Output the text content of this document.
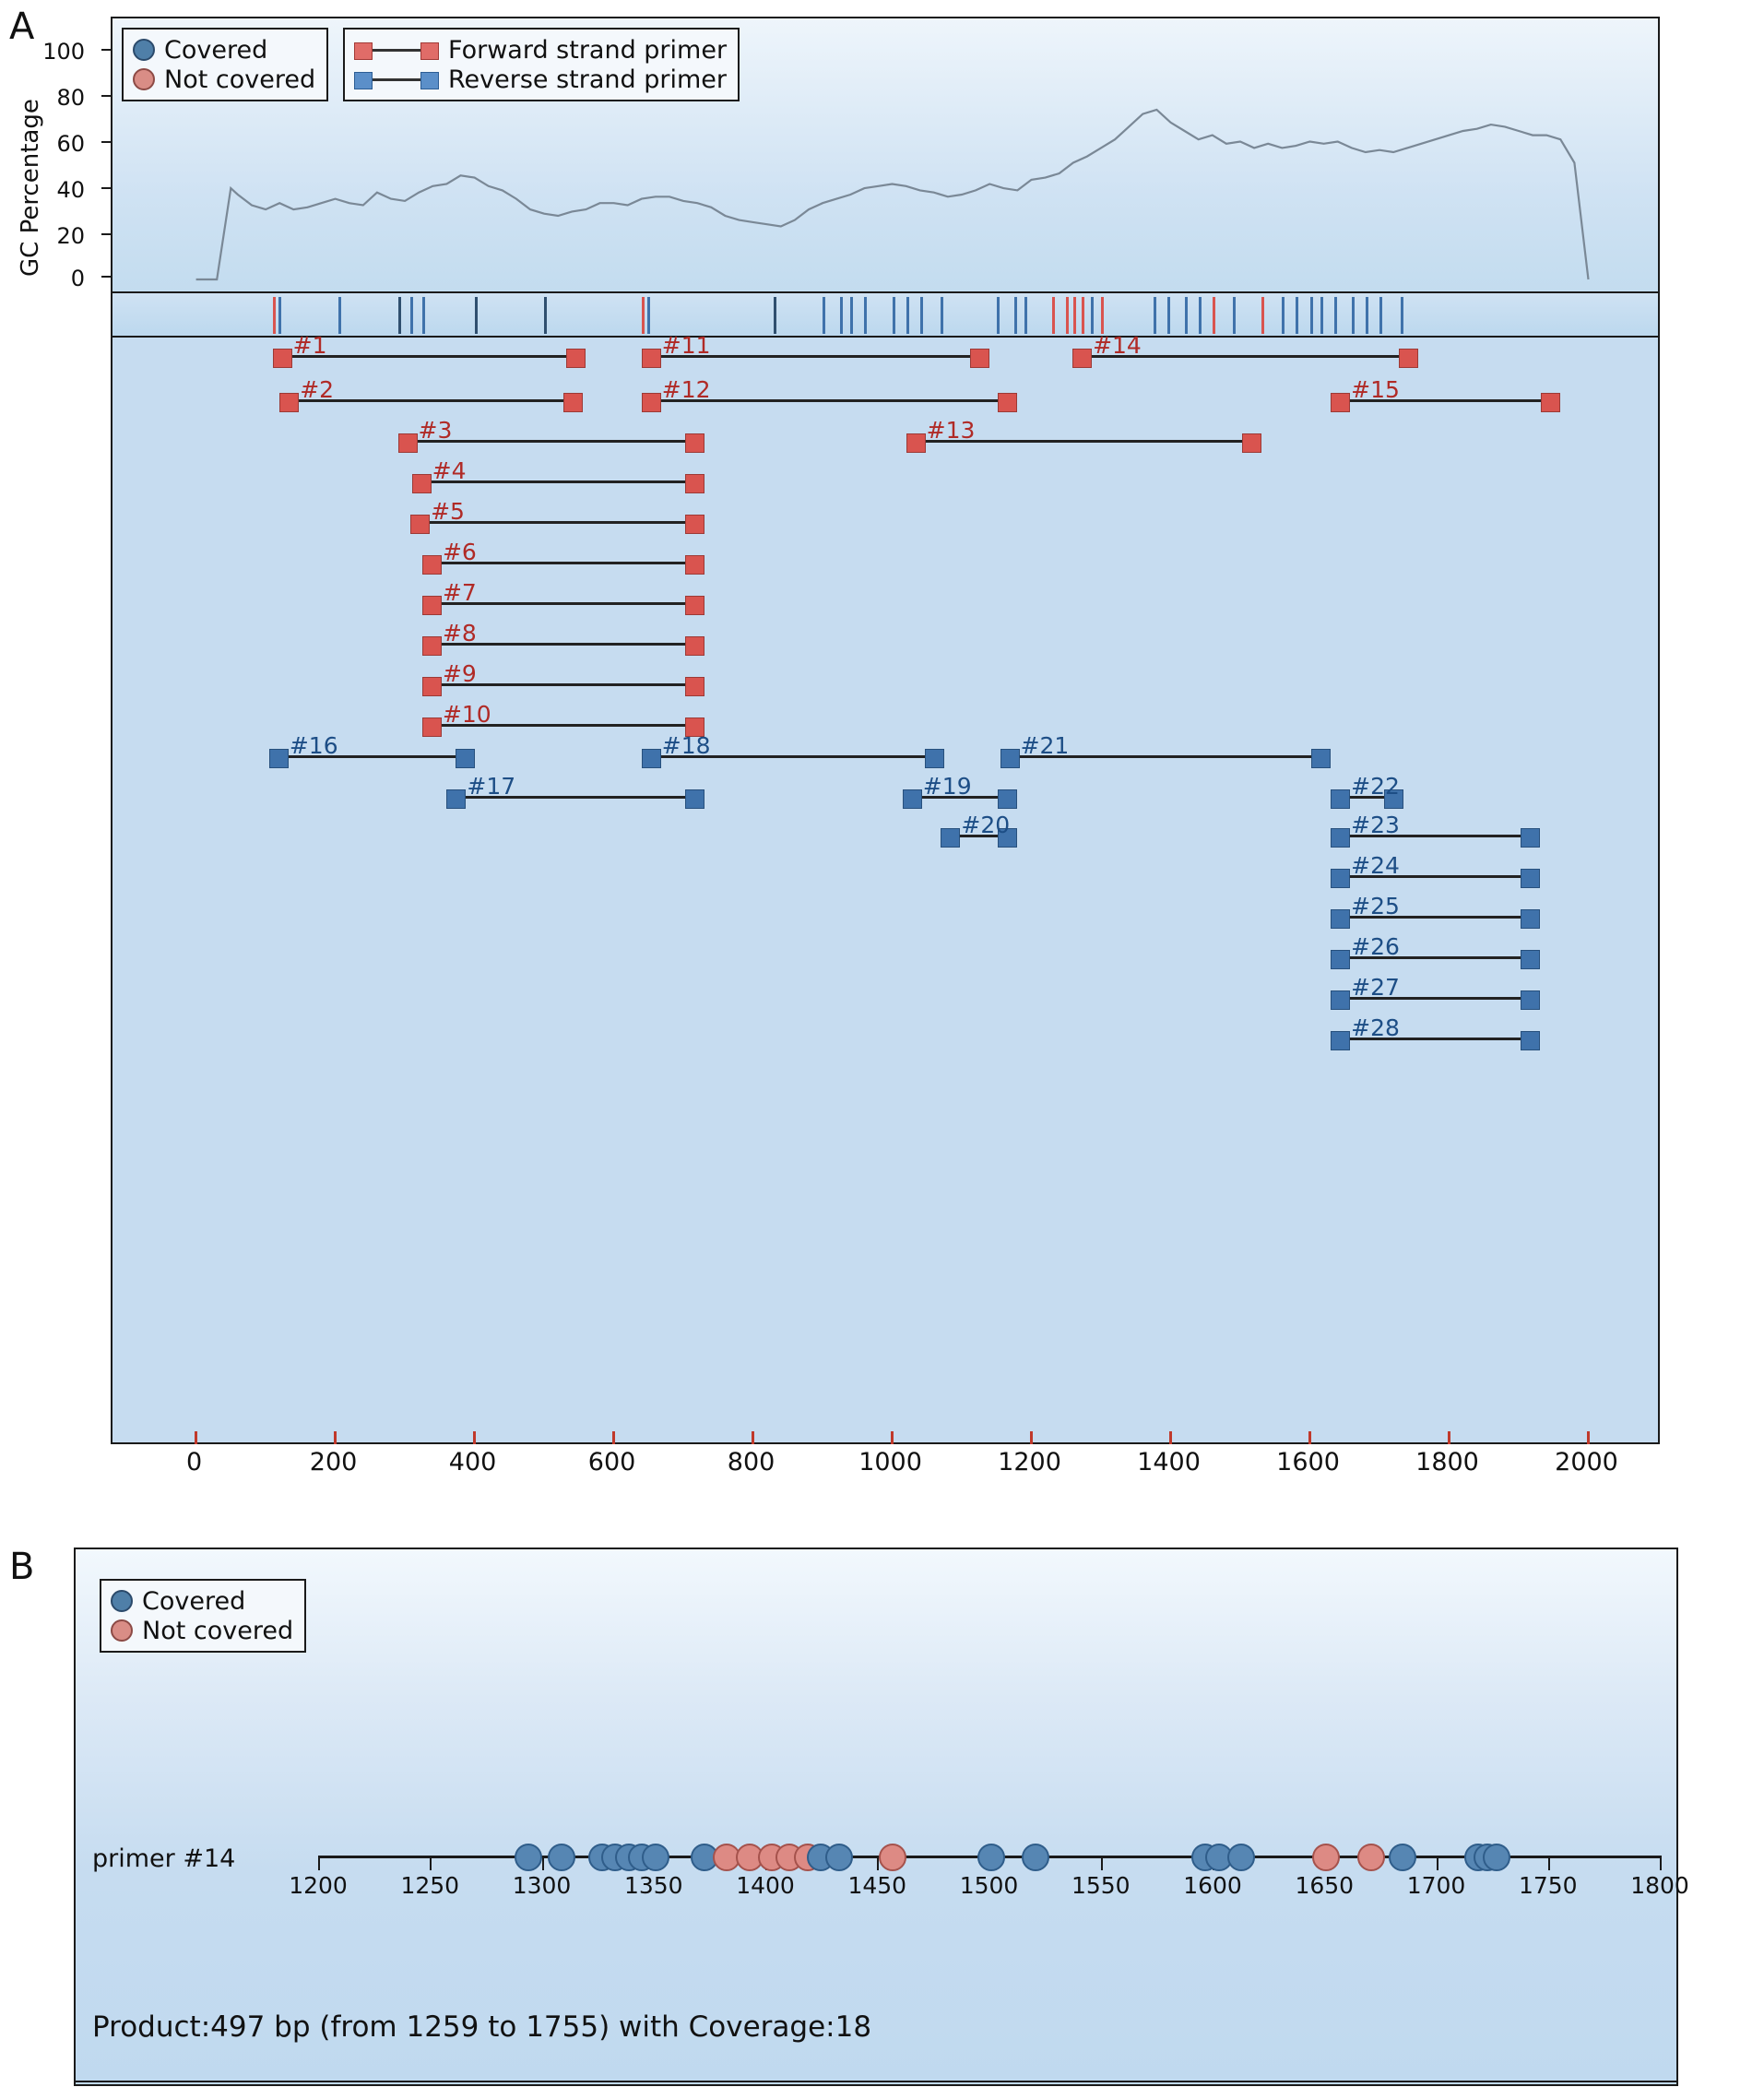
A
GC Percentage
100
80
60
40
20
0
Covered
Not covered
Forward strand primer
Reverse strand primer
#1
#2
#3
#4
#5
#6
#7
#8
#9
#10
#11
#12
#13
#14
#15
#16
#17
#18
#19
#20
#21
#22
#23
#24
#25
#26
#27
#28
0	200	400	600	800	1000	1200	1400	1600	1800	2000
B
Covered
Not covered
primer #14
1200 1250 1300 1350 1400 1450 1500 1550 1600 1650 1700 1750 1800
Product:497 bp (from 1259 to 1755) with Coverage:18
